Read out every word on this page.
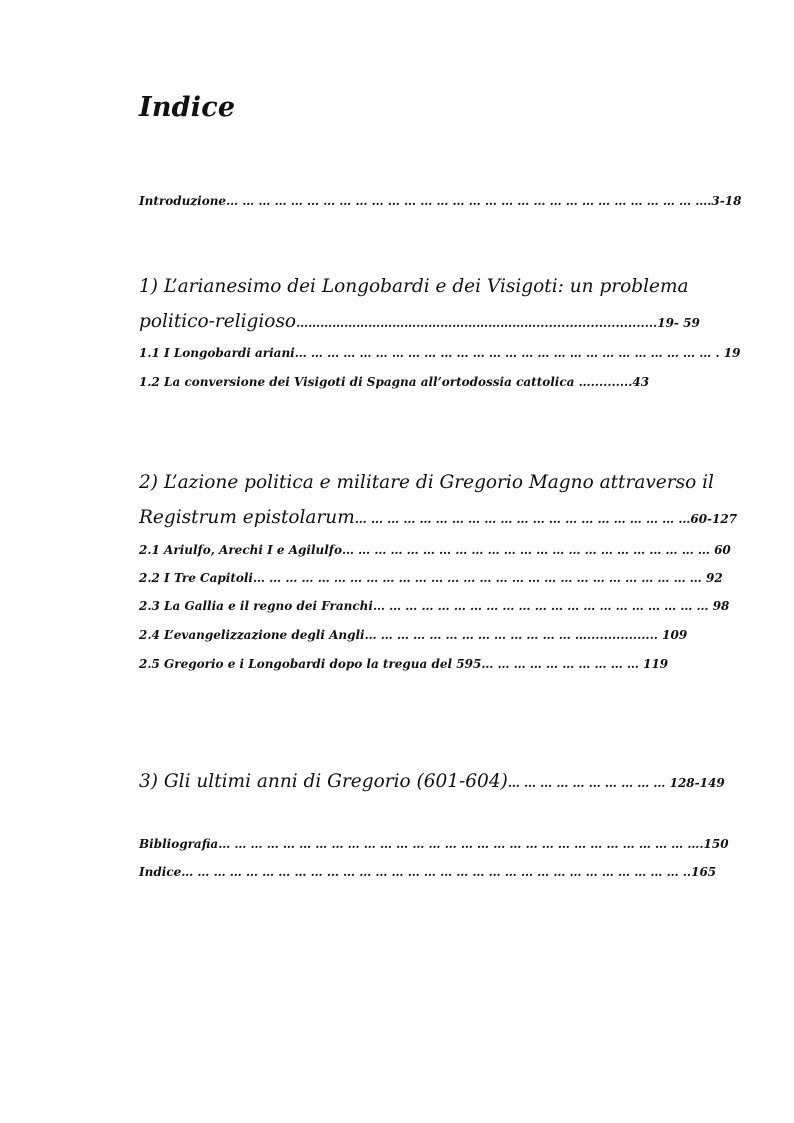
Indice
Introduzione… … … … … … … … … … … … … … … … … … … … … … … … … … … … … ….3-18
1) L’arianesimo dei Longobardi e dei Visigoti: un problema
politico-religioso…………………………………………………….............................19- 59
1.1 I Longobardi ariani… … … … … … … … … … … … … … … … … … … … … … … … … … . 19
1.2 La conversione dei Visigoti di Spagna all’ortodossia cattolica …..........43
2) L’azione politica e militare di Gregorio Magno attraverso il
Registrum epistolarum… … … … … … … … … … … … … … … … … … … … …60-127
2.1 Ariulfo, Arechi I e Agilulfo… … … … … … … … … … … … … … … … … … … … … … … 60
2.2 I Tre Capitoli… … … … … … … … … … … … … … … … … … … … … … … … … … … … 92
2.3 La Gallia e il regno dei Franchi… … … … … … … … … … … … … … … … … … … … … 98
2.4 L’evangelizzazione degli Angli… … … … … … … … … … … … … …................. 109
2.5 Gregorio e i Longobardi dopo la tregua del 595… … … … … … … … … … 119
3) Gli ultimi anni di Gregorio (601-604)… … … … … … … … … … 128-149
Bibliografia… … … … … … … … … … … … … … … … … … … … … … … … … … … … … ….150
Indice… … … … … … … … … … … … … … … … … … … … … … … … … … … … … … … ..165
